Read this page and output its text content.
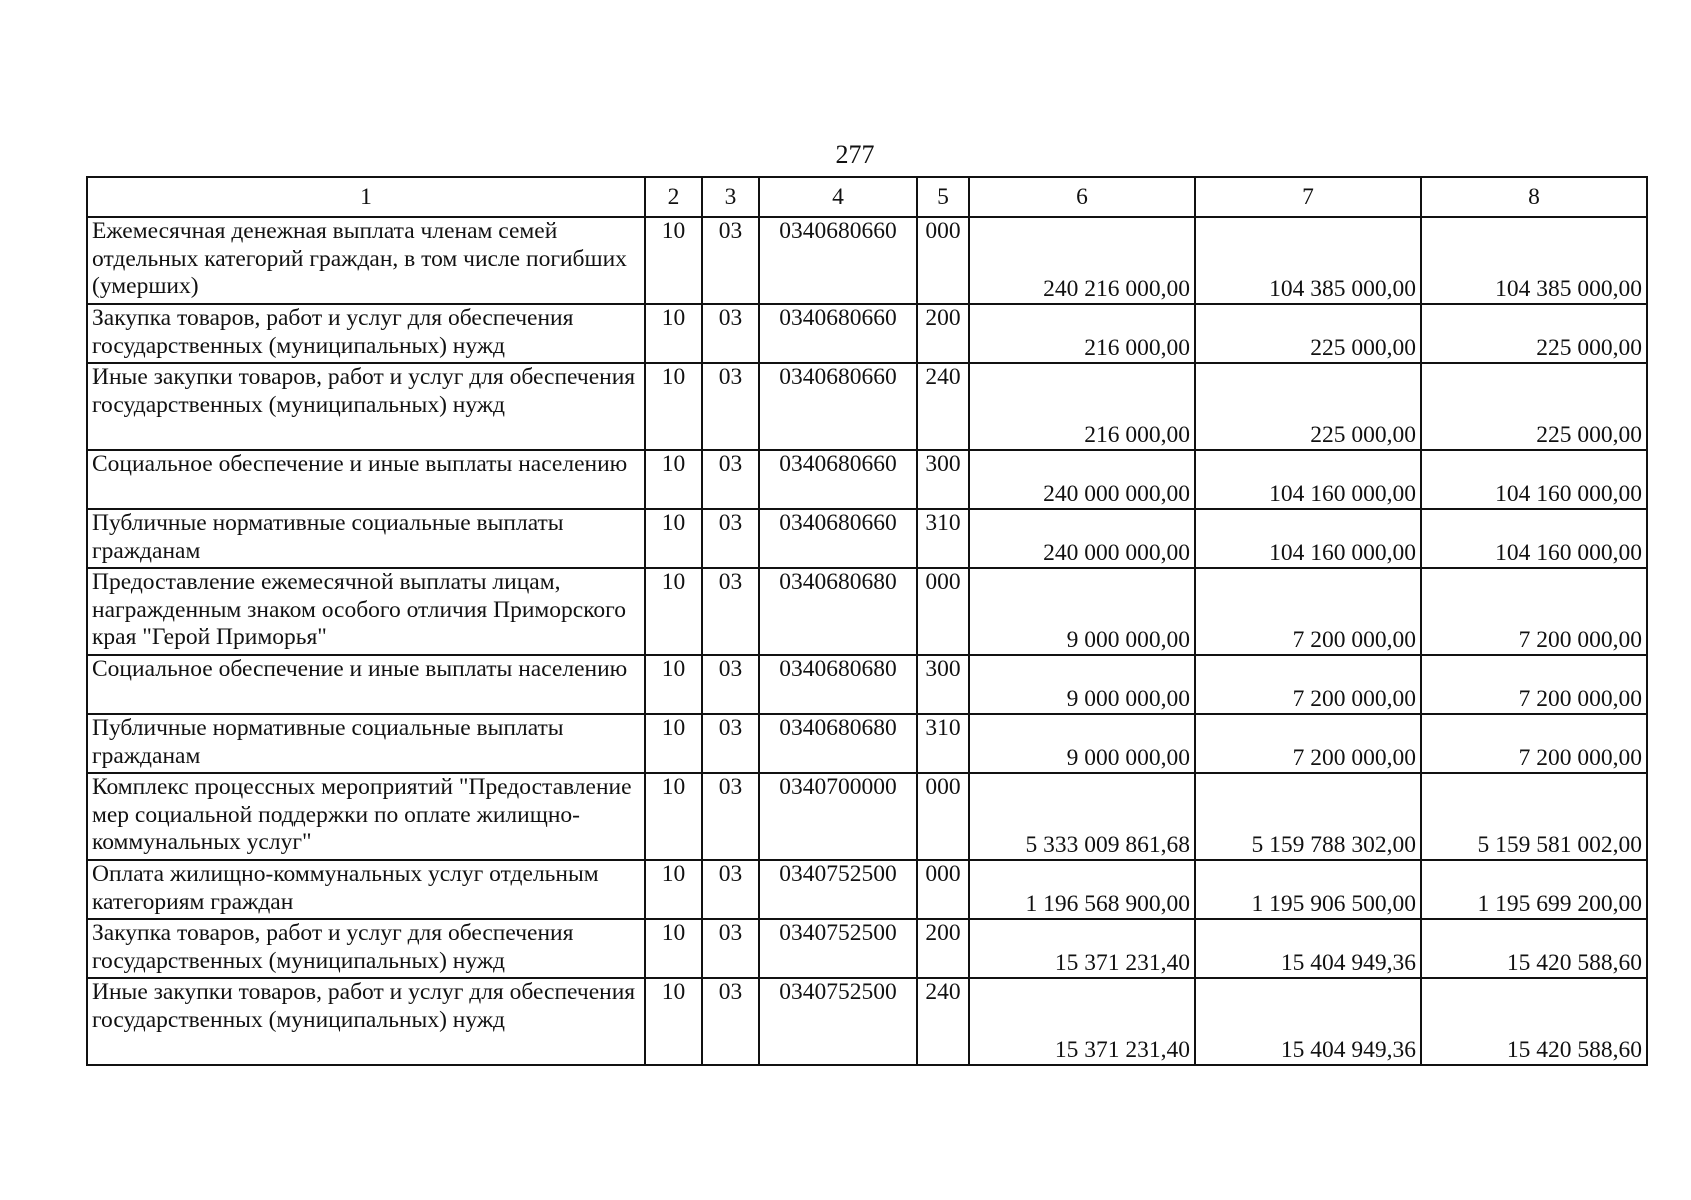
277
1	2	3	4	5	6	7	8
Ежемесячная денежная выплата членам семей отдельных категорий граждан, в том числе погибших (умерших)	10	03	0340680660	000	240 216 000,00	104 385 000,00	104 385 000,00
Закупка товаров, работ и услуг для обеспечения государственных (муниципальных) нужд	10	03	0340680660	200	216 000,00	225 000,00	225 000,00
Иные закупки товаров, работ и услуг для обеспечения государственных (муниципальных) нужд	10	03	0340680660	240	216 000,00	225 000,00	225 000,00
Социальное обеспечение и иные выплаты населению	10	03	0340680660	300	240 000 000,00	104 160 000,00	104 160 000,00
Публичные нормативные социальные выплаты гражданам	10	03	0340680660	310	240 000 000,00	104 160 000,00	104 160 000,00
Предоставление ежемесячной выплаты лицам, награжденным знаком особого отличия Приморского края "Герой Приморья"	10	03	0340680680	000	9 000 000,00	7 200 000,00	7 200 000,00
Социальное обеспечение и иные выплаты населению	10	03	0340680680	300	9 000 000,00	7 200 000,00	7 200 000,00
Публичные нормативные социальные выплаты гражданам	10	03	0340680680	310	9 000 000,00	7 200 000,00	7 200 000,00
Комплекс процессных мероприятий "Предоставление мер социальной поддержки по оплате жилищно-коммунальных услуг"	10	03	0340700000	000	5 333 009 861,68	5 159 788 302,00	5 159 581 002,00
Оплата жилищно-коммунальных услуг отдельным категориям граждан	10	03	0340752500	000	1 196 568 900,00	1 195 906 500,00	1 195 699 200,00
Закупка товаров, работ и услуг для обеспечения государственных (муниципальных) нужд	10	03	0340752500	200	15 371 231,40	15 404 949,36	15 420 588,60
Иные закупки товаров, работ и услуг для обеспечения государственных (муниципальных) нужд	10	03	0340752500	240	15 371 231,40	15 404 949,36	15 420 588,60
